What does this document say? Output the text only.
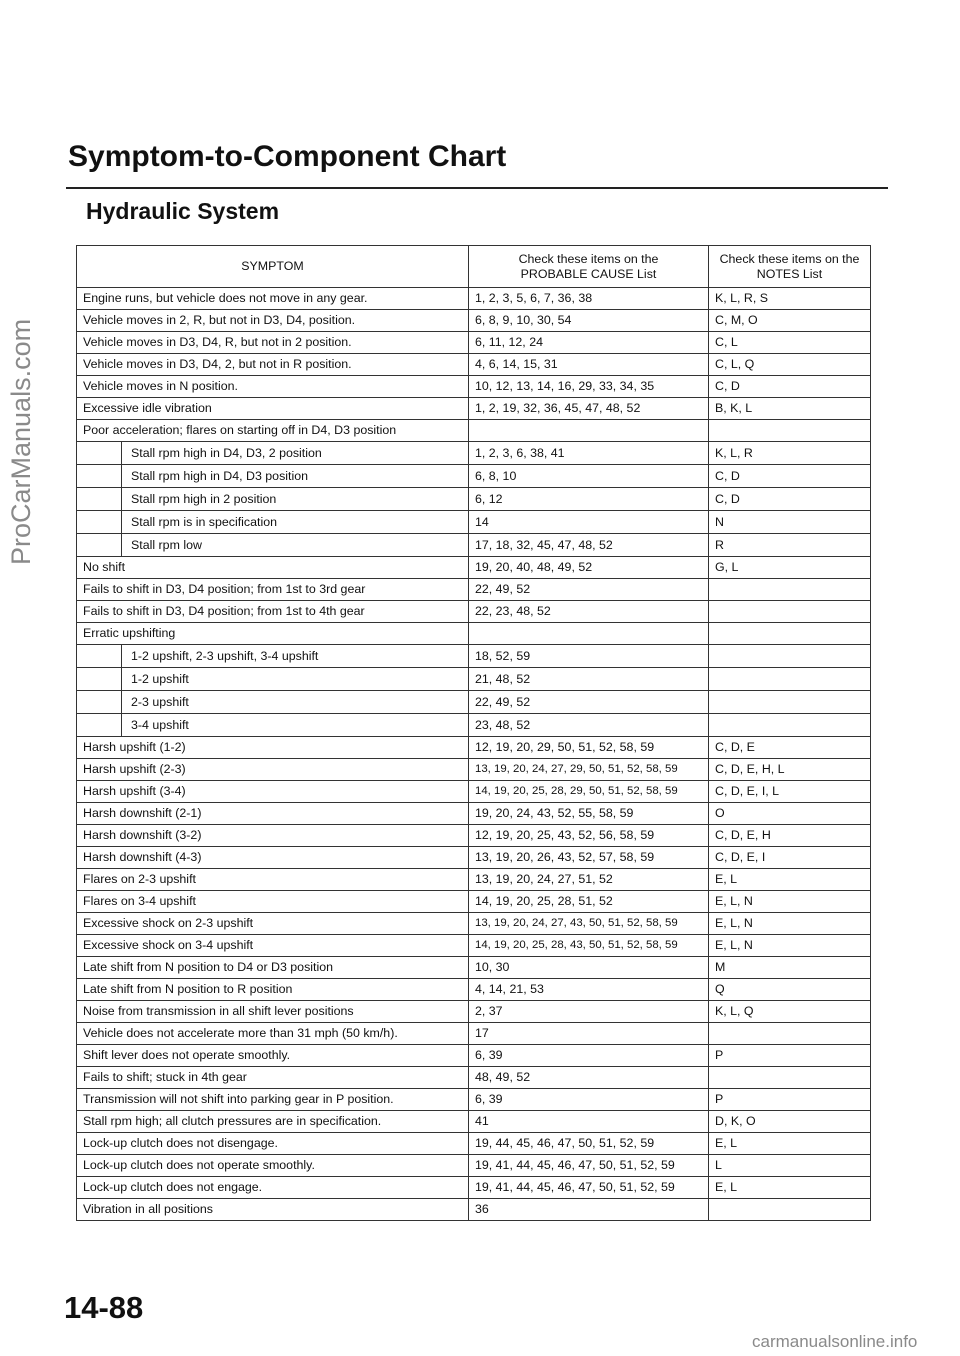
ProCarManuals.com
Symptom-to-Component Chart
Hydraulic System
SYMPTOM	Check these items on the PROBABLE CAUSE List	Check these items on the NOTES List
Engine runs, but vehicle does not move in any gear.	1, 2, 3, 5, 6, 7, 36, 38	K, L, R, S
Vehicle moves in 2, R, but not in D3, D4, position.	6, 8, 9, 10, 30, 54	C, M, O
Vehicle moves in D3, D4, R, but not in 2 position.	6, 11, 12, 24	C, L
Vehicle moves in D3, D4, 2, but not in R position.	4, 6, 14, 15, 31	C, L, Q
Vehicle moves in N position.	10, 12, 13, 14, 16, 29, 33, 34, 35	C, D
Excessive idle vibration	1, 2, 19, 32, 36, 45, 47, 48, 52	B, K, L
Poor acceleration; flares on starting off in D4, D3 position		

Stall rpm high in D4, D3, 2 position	1, 2, 3, 6, 38, 41	K, L, R

Stall rpm high in D4, D3 position	6, 8, 10	C, D

Stall rpm high in 2 position	6, 12	C, D

Stall rpm is in specification	14	N

Stall rpm low	17, 18, 32, 45, 47, 48, 52	R
No shift	19, 20, 40, 48, 49, 52	G, L
Fails to shift in D3, D4 position; from 1st to 3rd gear	22, 49, 52	
Fails to shift in D3, D4 position; from 1st to 4th gear	22, 23, 48, 52	
Erratic upshifting		

1-2 upshift, 2-3 upshift, 3-4 upshift	18, 52, 59	

1-2 upshift	21, 48, 52	

2-3 upshift	22, 49, 52	

3-4 upshift	23, 48, 52	
Harsh upshift (1-2)	12, 19, 20, 29, 50, 51, 52, 58, 59	C, D, E
Harsh upshift (2-3)	13, 19, 20, 24, 27, 29, 50, 51, 52, 58, 59	C, D, E, H, L
Harsh upshift (3-4)	14, 19, 20, 25, 28, 29, 50, 51, 52, 58, 59	C, D, E, I, L
Harsh downshift (2-1)	19, 20, 24, 43, 52, 55, 58, 59	O
Harsh downshift (3-2)	12, 19, 20, 25, 43, 52, 56, 58, 59	C, D, E, H
Harsh downshift (4-3)	13, 19, 20, 26, 43, 52, 57, 58, 59	C, D, E, I
Flares on 2-3 upshift	13, 19, 20, 24, 27, 51, 52	E, L
Flares on 3-4 upshift	14, 19, 20, 25, 28, 51, 52	E, L, N
Excessive shock on 2-3 upshift	13, 19, 20, 24, 27, 43, 50, 51, 52, 58, 59	E, L, N
Excessive shock on 3-4 upshift	14, 19, 20, 25, 28, 43, 50, 51, 52, 58, 59	E, L, N
Late shift from N position to D4 or D3 position	10, 30	M
Late shift from N position to R position	4, 14, 21, 53	Q
Noise from transmission in all shift lever positions	2, 37	K, L, Q
Vehicle does not accelerate more than 31 mph (50 km/h).	17	
Shift lever does not operate smoothly.	6, 39	P
Fails to shift; stuck in 4th gear	48, 49, 52	
Transmission will not shift into parking gear in P position.	6, 39	P
Stall rpm high; all clutch pressures are in specification.	41	D, K, O
Lock-up clutch does not disengage.	19, 44, 45, 46, 47, 50, 51, 52, 59	E, L
Lock-up clutch does not operate smoothly.	19, 41, 44, 45, 46, 47, 50, 51, 52, 59	L
Lock-up clutch does not engage.	19, 41, 44, 45, 46, 47, 50, 51, 52, 59	E, L
Vibration in all positions	36	
14-88
carmanualsonline.info
